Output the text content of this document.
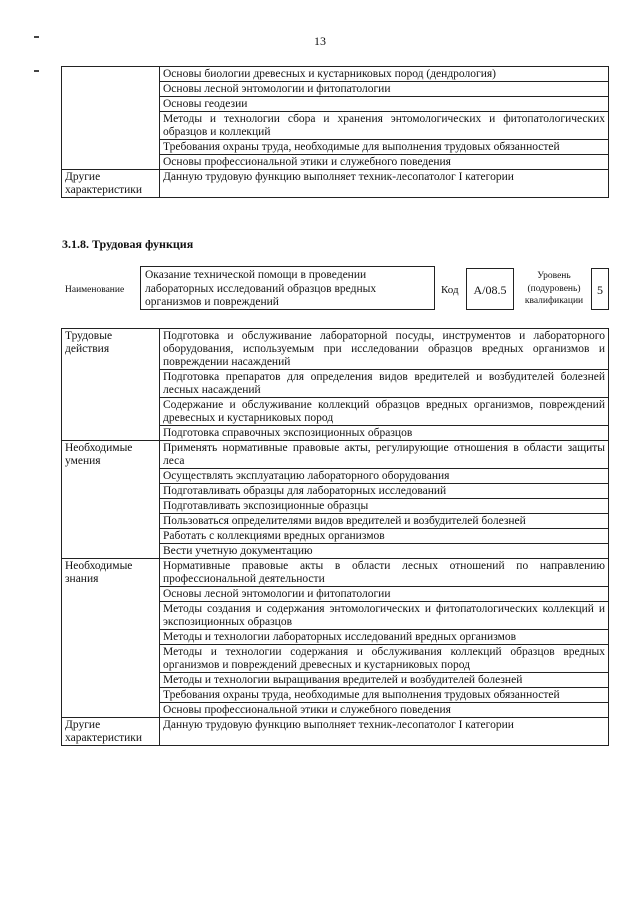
13
	Основы биологии древесных и кустарниковых пород (дендрология)
	Основы лесной энтомологии и фитопатологии
	Основы геодезии
	Методы и технологии сбора и хранения энтомологических и фитопатологических образцов и коллекций
	Требования охраны труда, необходимые для выполнения трудовых обязанностей
	Основы профессиональной этики и служебного поведения
Другие характеристики	Данную трудовую функцию выполняет техник-лесопатолог I категории
3.1.8. Трудовая функция
Наименование
Оказание технической помощи в проведении лабораторных исследований образцов вредных организмов и повреждений
Код	А/08.5
Уровень (подуровень) квалификации
5
Трудовые действия	Подготовка и обслуживание лабораторной посуды, инструментов и лабораторного оборудования, используемым при исследовании образцов вредных организмов и повреждении насаждений
	Подготовка препаратов для определения видов вредителей и возбудителей болезней лесных насаждений
	Содержание и обслуживание коллекций образцов вредных организмов, повреждений древесных и кустарниковых пород
	Подготовка справочных экспозиционных образцов
Необходимые умения	Применять нормативные правовые акты, регулирующие отношения в области защиты леса
	Осуществлять эксплуатацию лабораторного оборудования
	Подготавливать образцы для лабораторных исследований
	Подготавливать экспозиционные образцы
	Пользоваться определителями видов вредителей и возбудителей болезней
	Работать с коллекциями вредных организмов
	Вести учетную документацию
Необходимые знания	Нормативные правовые акты в области лесных отношений по направлению профессиональной деятельности
	Основы лесной энтомологии и фитопатологии
	Методы создания и содержания энтомологических и фитопатологических коллекций и экспозиционных образцов
	Методы и технологии лабораторных исследований вредных организмов
	Методы и технологии содержания и обслуживания коллекций образцов вредных организмов и повреждений древесных и кустарниковых пород
	Методы и технологии выращивания вредителей и возбудителей болезней
	Требования охраны труда, необходимые для выполнения трудовых обязанностей
	Основы профессиональной этики и служебного поведения
Другие характеристики	Данную трудовую функцию выполняет техник-лесопатолог I категории
